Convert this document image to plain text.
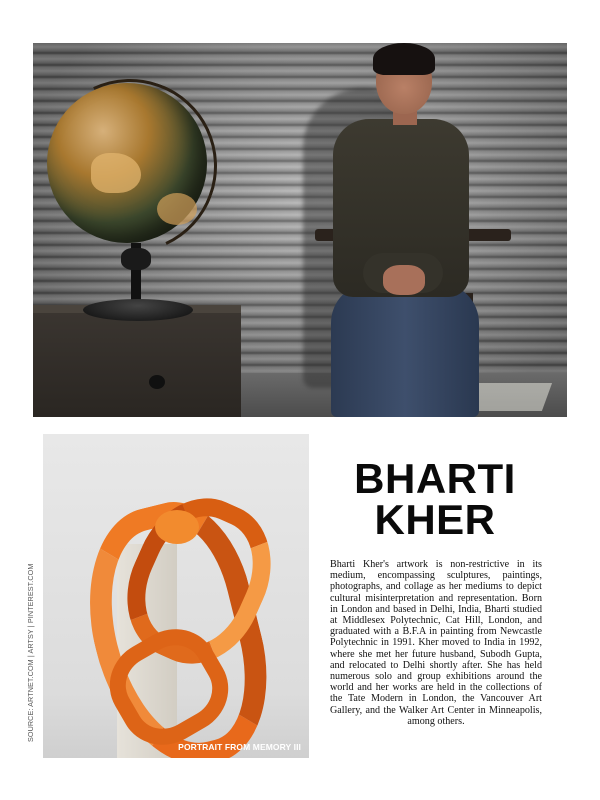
PORTRAIT FROM MEMORY III
SOURCE: ARTNET.COM | ARTSY | PINTEREST.COM
BHARTI
KHER

Bharti Kher's artwork is non-restrictive in its medium, encompassing sculptures, paintings, photographs, and collage as her mediums to depict cultural misinterpretation and representation. Born in London and based in Delhi, India, Bharti studied at Middlesex Polytechnic, Cat Hill, London, and graduated with a B.F.A in painting from Newcastle Polytechnic in 1991. Kher moved to India in 1992, where she met her future husband, Subodh Gupta, and relocated to Delhi shortly after. She has held numerous solo and group exhibitions around the world and her works are held in the collections of the Tate Modern in London, the Vancouver Art Gallery, and the Walker Art Center in Minneapolis, among others.
